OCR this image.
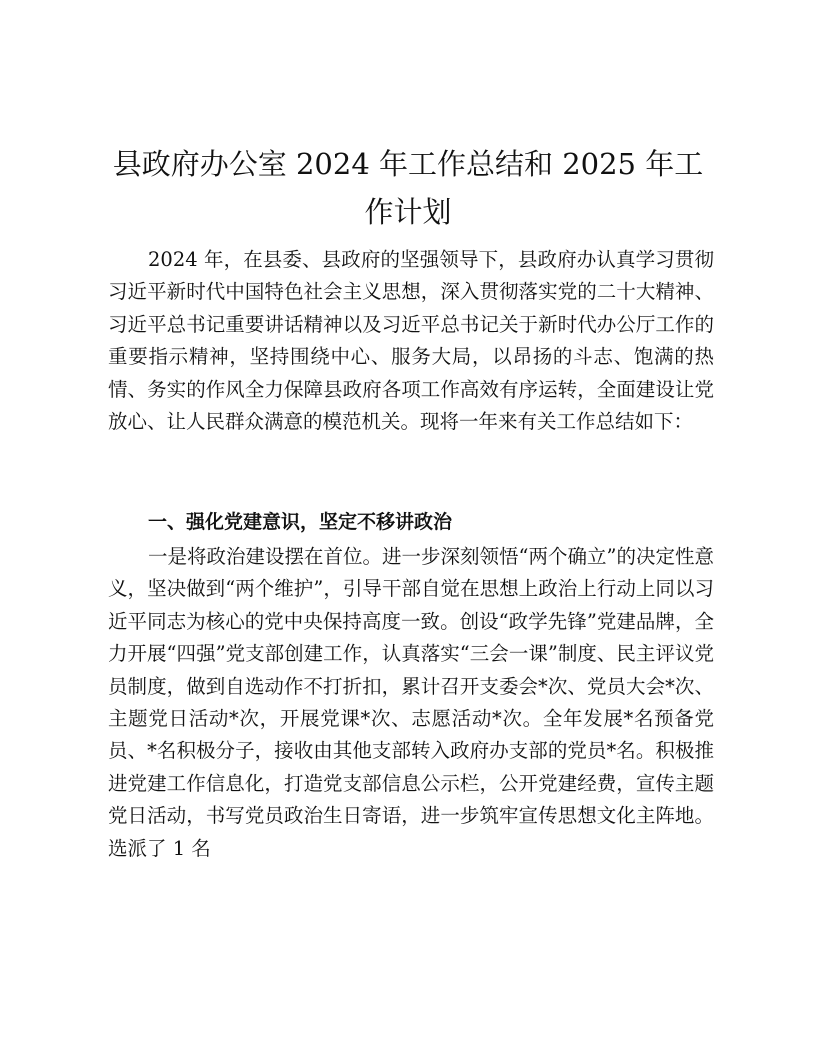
县政府办公室 2024 年工作总结和 2025 年工作计划

2024 年，在县委、县政府的坚强领导下，县政府办认真学习贯彻习近平新时代中国特色社会主义思想，深入贯彻落实党的二十大精神、习近平总书记重要讲话精神以及习近平总书记关于新时代办公厅工作的重要指示精神，坚持围绕中心、服务大局，以昂扬的斗志、饱满的热情、务实的作风全力保障县政府各项工作高效有序运转，全面建设让党放心、让人民群众满意的模范机关。现将一年来有关工作总结如下：

一、强化党建意识，坚定不移讲政治

一是将政治建设摆在首位。进一步深刻领悟“两个确立”的决定性意义，坚决做到“两个维护”，引导干部自觉在思想上政治上行动上同以习近平同志为核心的党中央保持高度一致。创设“政学先锋”党建品牌，全力开展“四强”党支部创建工作，认真落实“三会一课”制度、民主评议党员制度，做到自选动作不打折扣，累计召开支委会*次、党员大会*次、主题党日活动*次，开展党课*次、志愿活动*次。全年发展*名预备党员、*名积极分子，接收由其他支部转入政府办支部的党员*名。积极推进党建工作信息化，打造党支部信息公示栏，公开党建经费，宣传主题党日活动，书写党员政治生日寄语，进一步筑牢宣传思想文化主阵地。选派了 1 名
